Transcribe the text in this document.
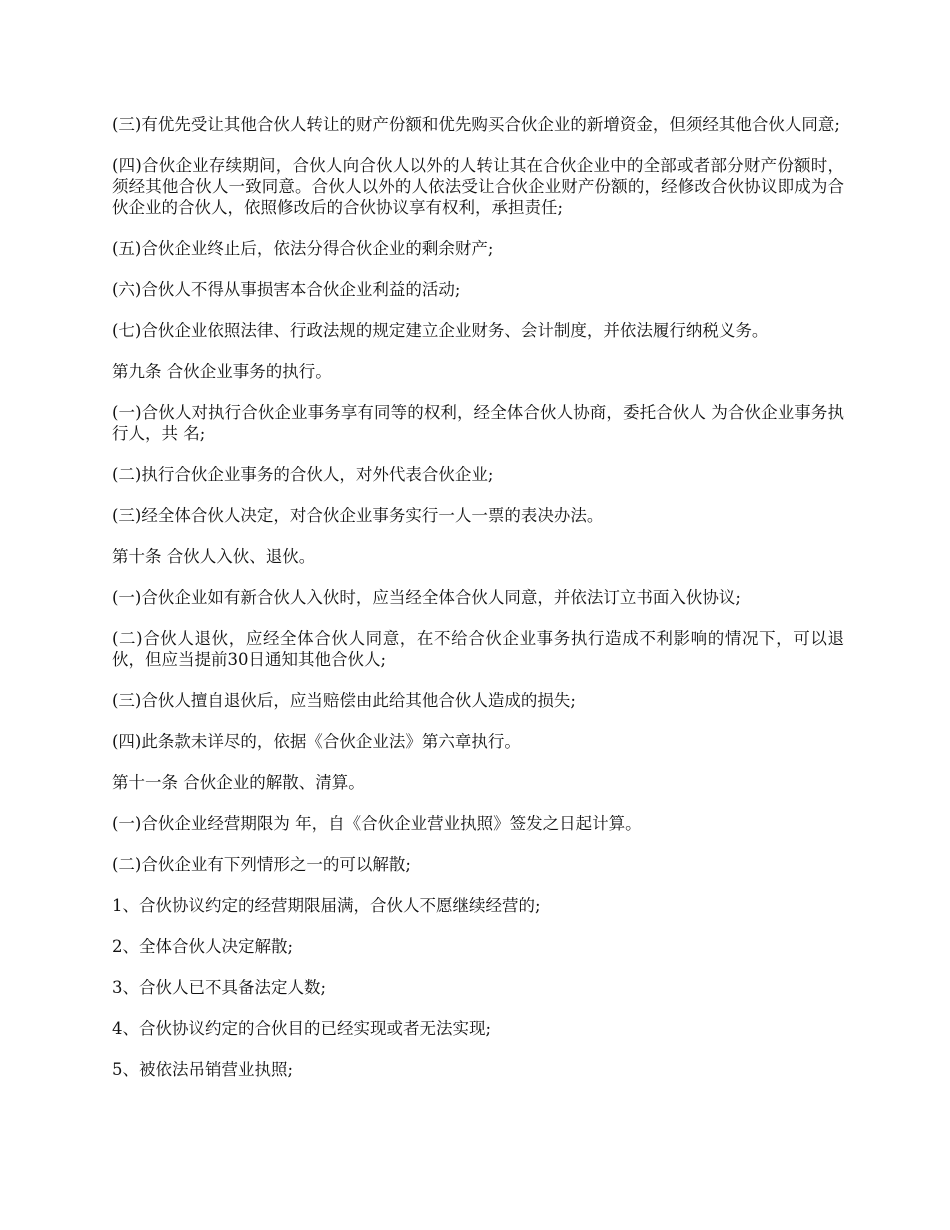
(三)有优先受让其他合伙人转让的财产份额和优先购买合伙企业的新增资金，但须经其他合伙人同意;

(四)合伙企业存续期间，合伙人向合伙人以外的人转让其在合伙企业中的全部或者部分财产份额时，须经其他合伙人一致同意。合伙人以外的人依法受让合伙企业财产份额的，经修改合伙协议即成为合伙企业的合伙人，依照修改后的合伙协议享有权利，承担责任;

(五)合伙企业终止后，依法分得合伙企业的剩余财产;

(六)合伙人不得从事损害本合伙企业利益的活动;

(七)合伙企业依照法律、行政法规的规定建立企业财务、会计制度，并依法履行纳税义务。

第九条 合伙企业事务的执行。

(一)合伙人对执行合伙企业事务享有同等的权利，经全体合伙人协商，委托合伙人 为合伙企业事务执行人，共 名;

(二)执行合伙企业事务的合伙人，对外代表合伙企业;

(三)经全体合伙人决定，对合伙企业事务实行一人一票的表决办法。

第十条 合伙人入伙、退伙。

(一)合伙企业如有新合伙人入伙时，应当经全体合伙人同意，并依法订立书面入伙协议;

(二)合伙人退伙，应经全体合伙人同意，在不给合伙企业事务执行造成不利影响的情况下，可以退伙，但应当提前30日通知其他合伙人;

(三)合伙人擅自退伙后，应当赔偿由此给其他合伙人造成的损失;

(四)此条款未详尽的，依据《合伙企业法》第六章执行。

第十一条 合伙企业的解散、清算。

(一)合伙企业经营期限为 年，自《合伙企业营业执照》签发之日起计算。

(二)合伙企业有下列情形之一的可以解散;

1、合伙协议约定的经营期限届满，合伙人不愿继续经营的;

2、全体合伙人决定解散;

3、合伙人已不具备法定人数;

4、合伙协议约定的合伙目的已经实现或者无法实现;

5、被依法吊销营业执照;
